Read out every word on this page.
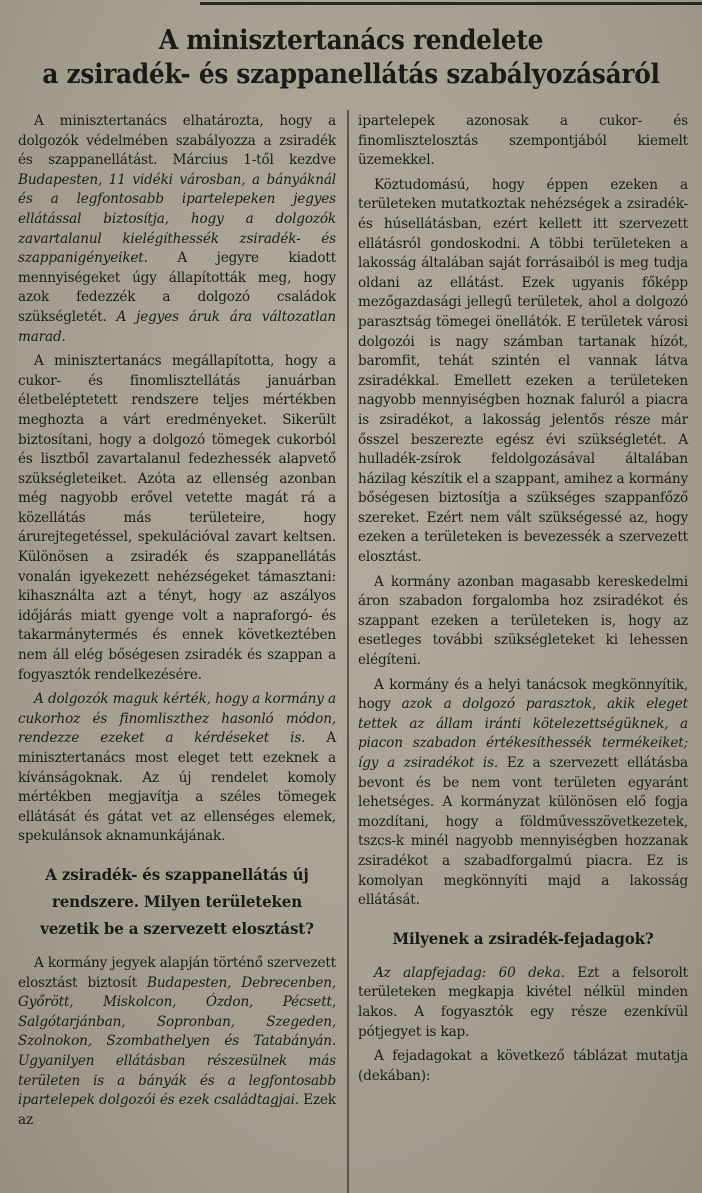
A minisztertanács rendelete
a zsiradék- és szappanellátás szabályozásáról

A minisztertanács elhatározta, hogy a dolgozók védelmében szabályozza a zsiradék és szappanellátást. Március 1-től kezdve Budapesten, 11 vidéki városban, a bányáknál és a legfontosabb ipartelepeken jegyes ellátással biztosítja, hogy a dolgozók zavartalanul kielégíthessék zsiradék- és szappanigényeiket. A jegyre kiadott mennyiségeket úgy állapították meg, hogy azok fedezzék a dolgozó családok szükségletét. A jegyes áruk ára változatlan marad.

A minisztertanács megállapította, hogy a cukor- és finomlisztellátás januárban életbeléptetett rendszere teljes mértékben meghozta a várt eredményeket. Sikerült biztosítani, hogy a dolgozó tömegek cukorból és lisztből zavartalanul fedezhessék alapvető szükségleteiket. Azóta az ellenség azonban még nagyobb erővel vetette magát rá a közellátás más területeire, hogy árurejtegetéssel, spekulációval zavart keltsen. Különösen a zsiradék és szappanellátás vonalán igyekezett nehézségeket támasztani: kihasználta azt a tényt, hogy az aszályos időjárás miatt gyenge volt a napraforgó- és takarmánytermés és ennek következtében nem áll elég bőségesen zsiradék és szappan a fogyasztók rendelkezésére.

A dolgozók maguk kérték, hogy a kormány a cukorhoz és finomliszthez hasonló módon, rendezze ezeket a kérdéseket is. A minisztertanács most eleget tett ezeknek a kívánságoknak. Az új rendelet komoly mértékben megjavítja a széles tömegek ellátását és gátat vet az ellenséges elemek, spekulánsok aknamunkájának.

A zsiradék- és szappanellátás új rendszere. Milyen területeken vezetik be a szervezett elosztást?

A kormány jegyek alapján történő szervezett elosztást biztosít Budapesten, Debrecenben, Győrött, Miskolcon, Ózdon, Pécsett, Salgótarjánban, Sopronban, Szegeden, Szolnokon, Szombathelyen és Tatabányán. Ugyanilyen ellátásban részesülnek más területen is a bányák és a legfontosabb ipartelepek dolgozói és ezek családtagjai. Ezek az

ipartelepek azonosak a cukor- és finomlisztelosztás szempontjából kiemelt üzemekkel.

Köztudomású, hogy éppen ezeken a területeken mutatkoztak nehézségek a zsiradék- és húsellátásban, ezért kellett itt szervezett ellátásról gondoskodni. A többi területeken a lakosság általában saját forrásaiból is meg tudja oldani az ellátást. Ezek ugyanis főképp mezőgazdasági jellegű területek, ahol a dolgozó parasztság tömegei önellátók. E területek városi dolgozói is nagy számban tartanak hízót, baromfit, tehát szintén el vannak látva zsiradékkal. Emellett ezeken a területeken nagyobb mennyiségben hoznak faluról a piacra is zsiradékot, a lakosság jelentős része már ősszel beszerezte egész évi szükségletét. A hulladék-zsírok feldolgozásával általában házilag készítik el a szappant, amihez a kormány bőségesen biztosítja a szükséges szappanfőző szereket. Ezért nem vált szükségessé az, hogy ezeken a területeken is bevezessék a szervezett elosztást.

A kormány azonban magasabb kereskedelmi áron szabadon forgalomba hoz zsiradékot és szappant ezeken a területeken is, hogy az esetleges további szükségleteket ki lehessen elégíteni.

A kormány és a helyi tanácsok megkönnyítik, hogy azok a dolgozó parasztok, akik eleget tettek az állam iránti kötelezettségüknek, a piacon szabadon értékesíthessék termékeiket; így a zsiradékot is. Ez a szervezett ellátásba bevont és be nem vont területen egyaránt lehetséges. A kormányzat különösen elő fogja mozdítani, hogy a földművesszövetkezetek, tszcs-k minél nagyobb mennyiségben hozzanak zsiradékot a szabadforgalmú piacra. Ez is komolyan megkönnyíti majd a lakosság ellátását.

Milyenek a zsiradék-fejadagok?

Az alapfejadag: 60 deka. Ezt a felsorolt területeken megkapja kivétel nélkül minden lakos. A fogyasztók egy része ezenkívül pótjegyet is kap.

A fejadagokat a következő táblázat mutatja (dekában):
